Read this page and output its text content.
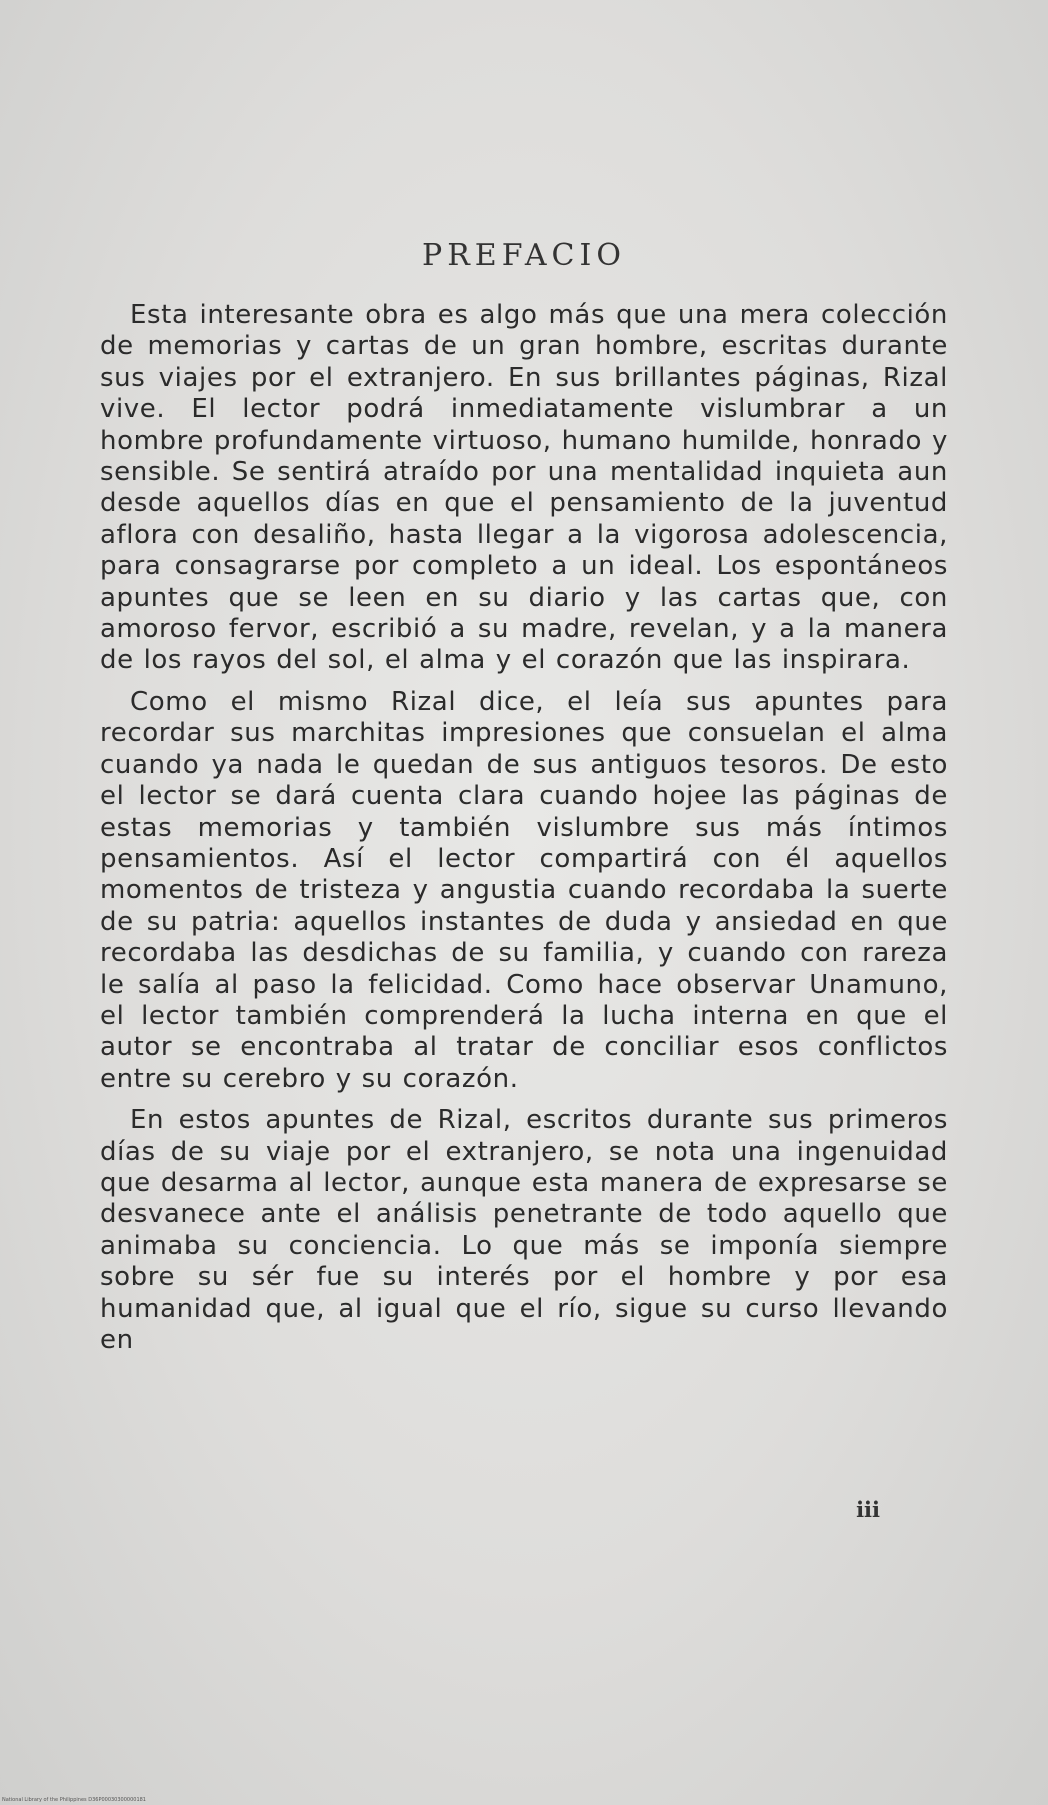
PREFACIO

Esta interesante obra es algo más que una mera colección de memorias y cartas de un gran hombre, escritas durante sus viajes por el extranjero. En sus brillantes páginas, Rizal vive. El lector podrá inmediatamente vislumbrar a un hombre profundamente virtuoso, humano humilde, honrado y sensible. Se sentirá atraído por una mentalidad inquieta aun desde aquellos días en que el pensamiento de la juventud aflora con desaliño, hasta llegar a la vigorosa adolescencia, para consagrarse por completo a un ideal. Los espontáneos apuntes que se leen en su diario y las cartas que, con amoroso fervor, escribió a su madre, revelan, y a la manera de los rayos del sol, el alma y el corazón que las inspirara.

Como el mismo Rizal dice, el leía sus apuntes para recordar sus marchitas impresiones que consuelan el alma cuando ya nada le quedan de sus antiguos tesoros. De esto el lector se dará cuenta clara cuando hojee las páginas de estas memorias y también vislumbre sus más íntimos pensamientos. Así el lector compartirá con él aquellos momentos de tristeza y angustia cuando recordaba la suerte de su patria: aquellos instantes de duda y ansiedad en que recordaba las desdichas de su familia, y cuando con rareza le salía al paso la felicidad. Como hace observar Unamuno, el lector también comprenderá la lucha interna en que el autor se encontraba al tratar de conciliar esos conflictos entre su cerebro y su corazón.

En estos apuntes de Rizal, escritos durante sus primeros días de su viaje por el extranjero, se nota una ingenuidad que desarma al lector, aunque esta manera de expresarse se desvanece ante el análisis penetrante de todo aquello que animaba su conciencia. Lo que más se imponía siempre sobre su sér fue su interés por el hombre y por esa humanidad que, al igual que el río, sigue su curso llevando en

iii
National Library of the Philippines D36P00030300000181
